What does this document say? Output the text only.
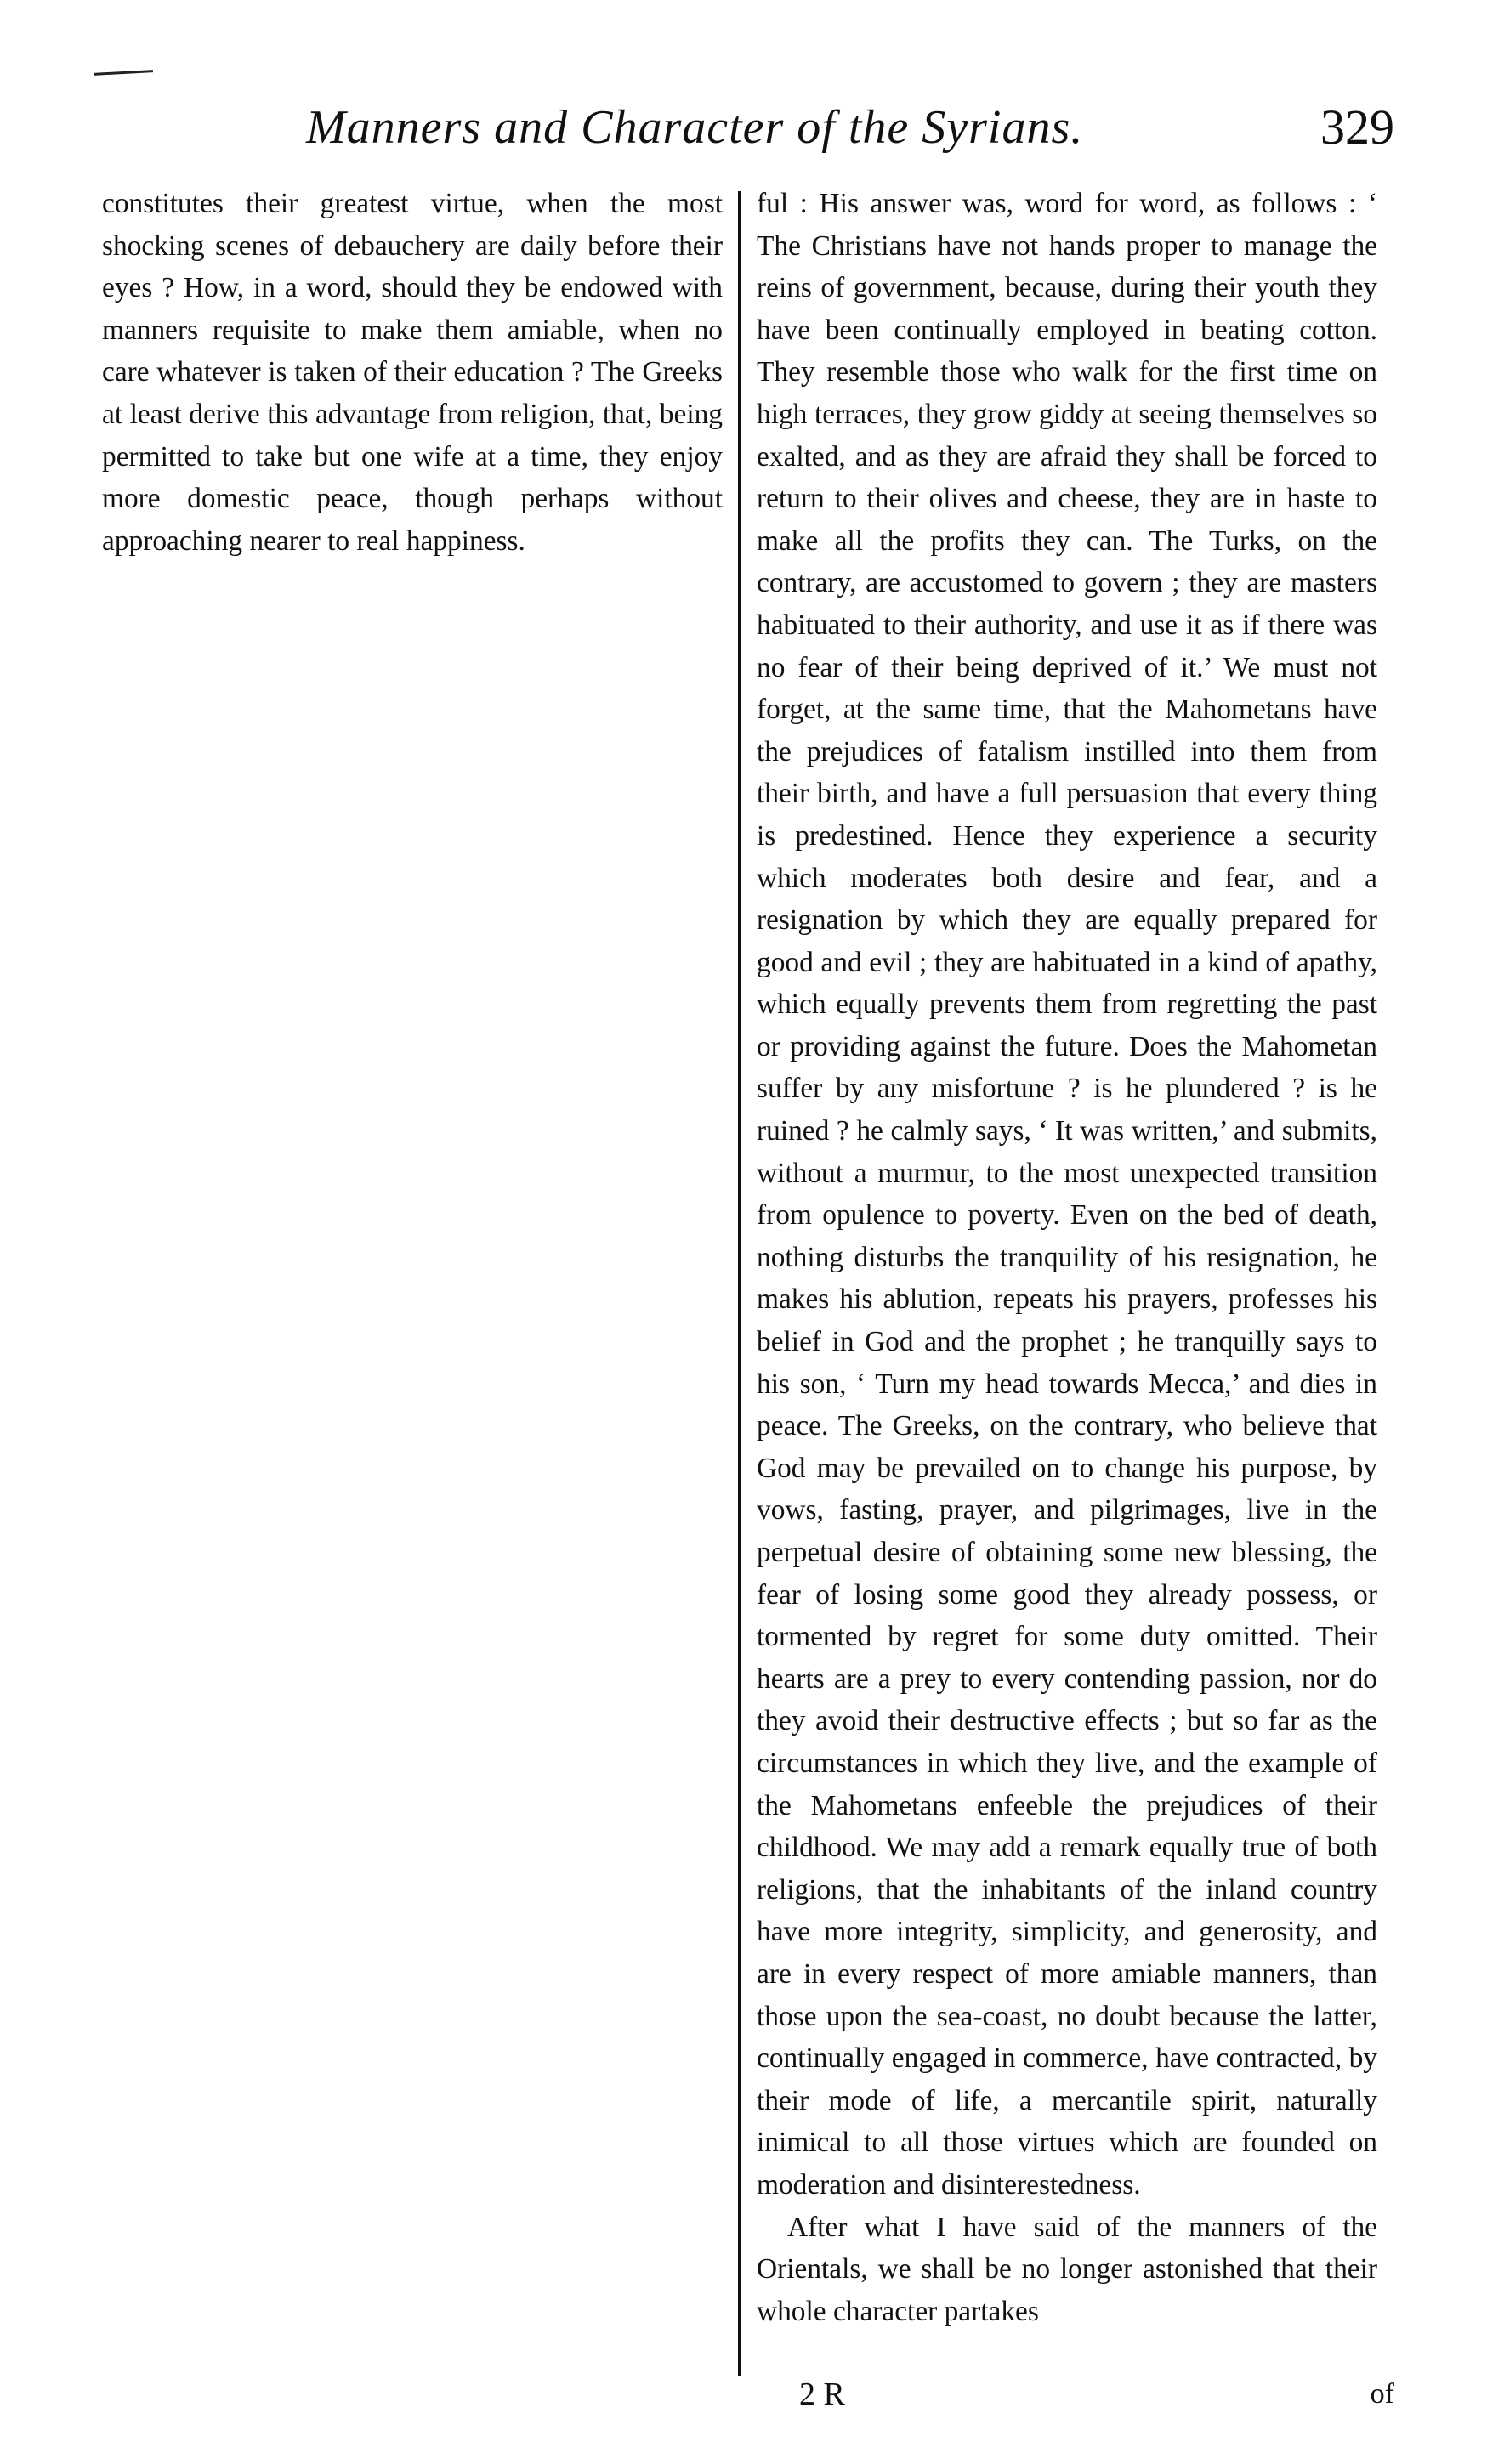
Manners and Character of the Syrians.	329

constitutes their greatest virtue, when the most shocking scenes of debauchery are daily before their eyes ? How, in a word, should they be endowed with manners requisite to make them amiable, when no care whatever is taken of their education ? The Greeks at least derive this advantage from religion, that, being permitted to take but one wife at a time, they enjoy more domestic peace, though perhaps without approaching nearer to real happiness.

ful : His answer was, word for word, as follows : ‘ The Christians have not hands proper to manage the reins of government, because, during their youth they have been continually employed in beating cotton. They resemble those who walk for the first time on high terraces, they grow giddy at seeing themselves so exalted, and as they are afraid they shall be forced to return to their olives and cheese, they are in haste to make all the profits they can. The Turks, on the contrary, are accustomed to govern ; they are masters habituated to their authority, and use it as if there was no fear of their being deprived of it.’ We must not forget, at the same time, that the Mahometans have the prejudices of fatalism instilled into them from their birth, and have a full persuasion that every thing is predestined. Hence they experience a security which moderates both desire and fear, and a resignation by which they are equally prepared for good and evil ; they are habituated in a kind of apathy, which equally prevents them from regretting the past or providing against the future. Does the Mahometan suffer by any misfortune ? is he plundered ? is he ruined ? he calmly says, ‘ It was written,’ and submits, without a murmur, to the most unexpected transition from opulence to poverty. Even on the bed of death, nothing disturbs the tranquility of his resignation, he makes his ablution, repeats his prayers, professes his belief in God and the prophet ; he tranquilly says to his son, ‘ Turn my head towards Mecca,’ and dies in peace. The Greeks, on the contrary, who believe that God may be prevailed on to change his purpose, by vows, fasting, prayer, and pilgrimages, live in the perpetual desire of obtaining some new blessing, the fear of losing some good they already possess, or tormented by regret for some duty omitted. Their hearts are a prey to every contending passion, nor do they avoid their destructive effects ; but so far as the circumstances in which they live, and the example of the Mahometans enfeeble the prejudices of their childhood. We may add a remark equally true of both religions, that the inhabitants of the inland country have more integrity, simplicity, and generosity, and are in every respect of more amiable manners, than those upon the sea-coast, no doubt because the latter, continually engaged in commerce, have contracted, by their mode of life, a mercantile spirit, naturally inimical to all those virtues which are founded on moderation and disinterestedness.

After what I have said of the manners of the Orientals, we shall be no longer astonished that their whole character partakes

2 R	of
